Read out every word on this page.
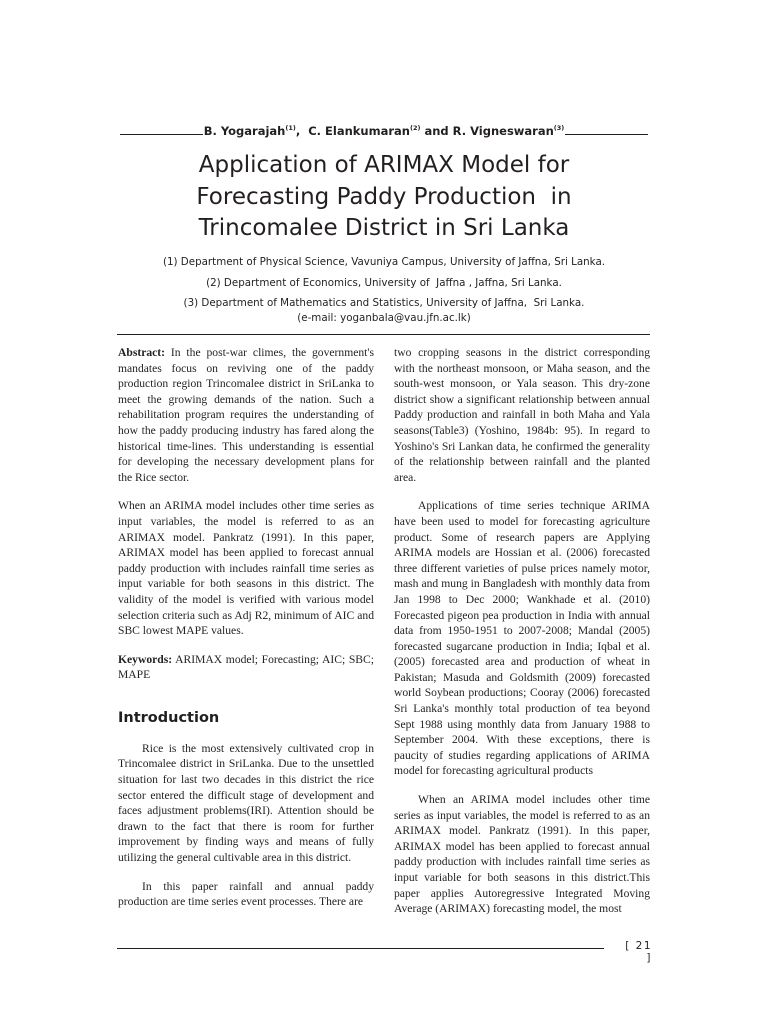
B. Yogarajah$^{(1)}$,  C. Elankumaran$^{(2)}$ and R. Vigneswaran$^{(3)}$
Application of ARIMAX Model for
Forecasting Paddy Production  in
Trincomalee District in Sri Lanka
(1) Department of Physical Science, Vavuniya Campus, University of Jaffna, Sri Lanka.
(2) Department of Economics, University of  Jaffna , Jaffna, Sri Lanka.
(3) Department of Mathematics and Statistics, University of Jaffna,  Sri Lanka.
(e-mail: yoganbala@vau.jfn.ac.lk)

Abstract: In the post-war climes, the government's mandates focus on reviving one of the paddy production region Trincomalee district in SriLanka to meet the growing demands of the nation. Such a rehabilitation program requires the understanding of how the paddy producing industry has fared along the historical time-lines. This understanding is essential for developing the necessary development plans for the Rice sector.

When an ARIMA model includes other time series as input variables, the model is referred to as an ARIMAX model. Pankratz (1991). In this paper, ARIMAX model has been applied to forecast annual paddy production with includes rainfall time series as input variable for both seasons in this district. The validity of the model is verified with various model selection criteria such as Adj R2, minimum of AIC and SBC lowest MAPE values.

Keywords: ARIMAX model; Forecasting; AIC; SBC; MAPE

Introduction

Rice is the most extensively cultivated crop in Trincomalee district in SriLanka. Due to the unsettled situation for last two decades in this district the rice sector entered the difficult stage of development and faces adjustment problems(IRI). Attention should be drawn to the fact that there is room for further improvement by finding ways and means of fully utilizing the general cultivable area in this district.

In this paper rainfall and annual paddy production are time series event processes. There are

two cropping seasons in the district corresponding with the northeast monsoon, or Maha season, and the south-west monsoon, or Yala season. This dry-zone district show a significant relationship between annual Paddy production and rainfall in both Maha and Yala seasons(Table3) (Yoshino, 1984b: 95). In regard to Yoshino's Sri Lankan data, he confirmed the generality of the relationship between rainfall and the planted area.

Applications of time series technique ARIMA have been used to model for forecasting agriculture product. Some of research papers are Applying ARIMA models are Hossian et al. (2006) forecasted three different varieties of pulse prices namely motor, mash and mung in Bangladesh with monthly data from Jan 1998 to Dec 2000; Wankhade et al. (2010) Forecasted pigeon pea production in India with annual data from 1950-1951 to 2007-2008; Mandal (2005) forecasted sugarcane production in India; Iqbal et al. (2005) forecasted area and production of wheat in Pakistan; Masuda and Goldsmith (2009) forecasted world Soybean productions; Cooray (2006) forecasted Sri Lanka's monthly total production of tea beyond Sept 1988 using monthly data from January 1988 to September 2004. With these exceptions, there is paucity of studies regarding applications of ARIMA model for forecasting agricultural products

When an ARIMA model includes other time series as input variables, the model is referred to as an ARIMAX model. Pankratz (1991). In this paper, ARIMAX model has been applied to forecast annual paddy production with includes rainfall time series as input variable for both seasons in this district.This paper applies Autoregressive Integrated Moving Average (ARIMAX) forecasting model, the most

[ 21 ]
